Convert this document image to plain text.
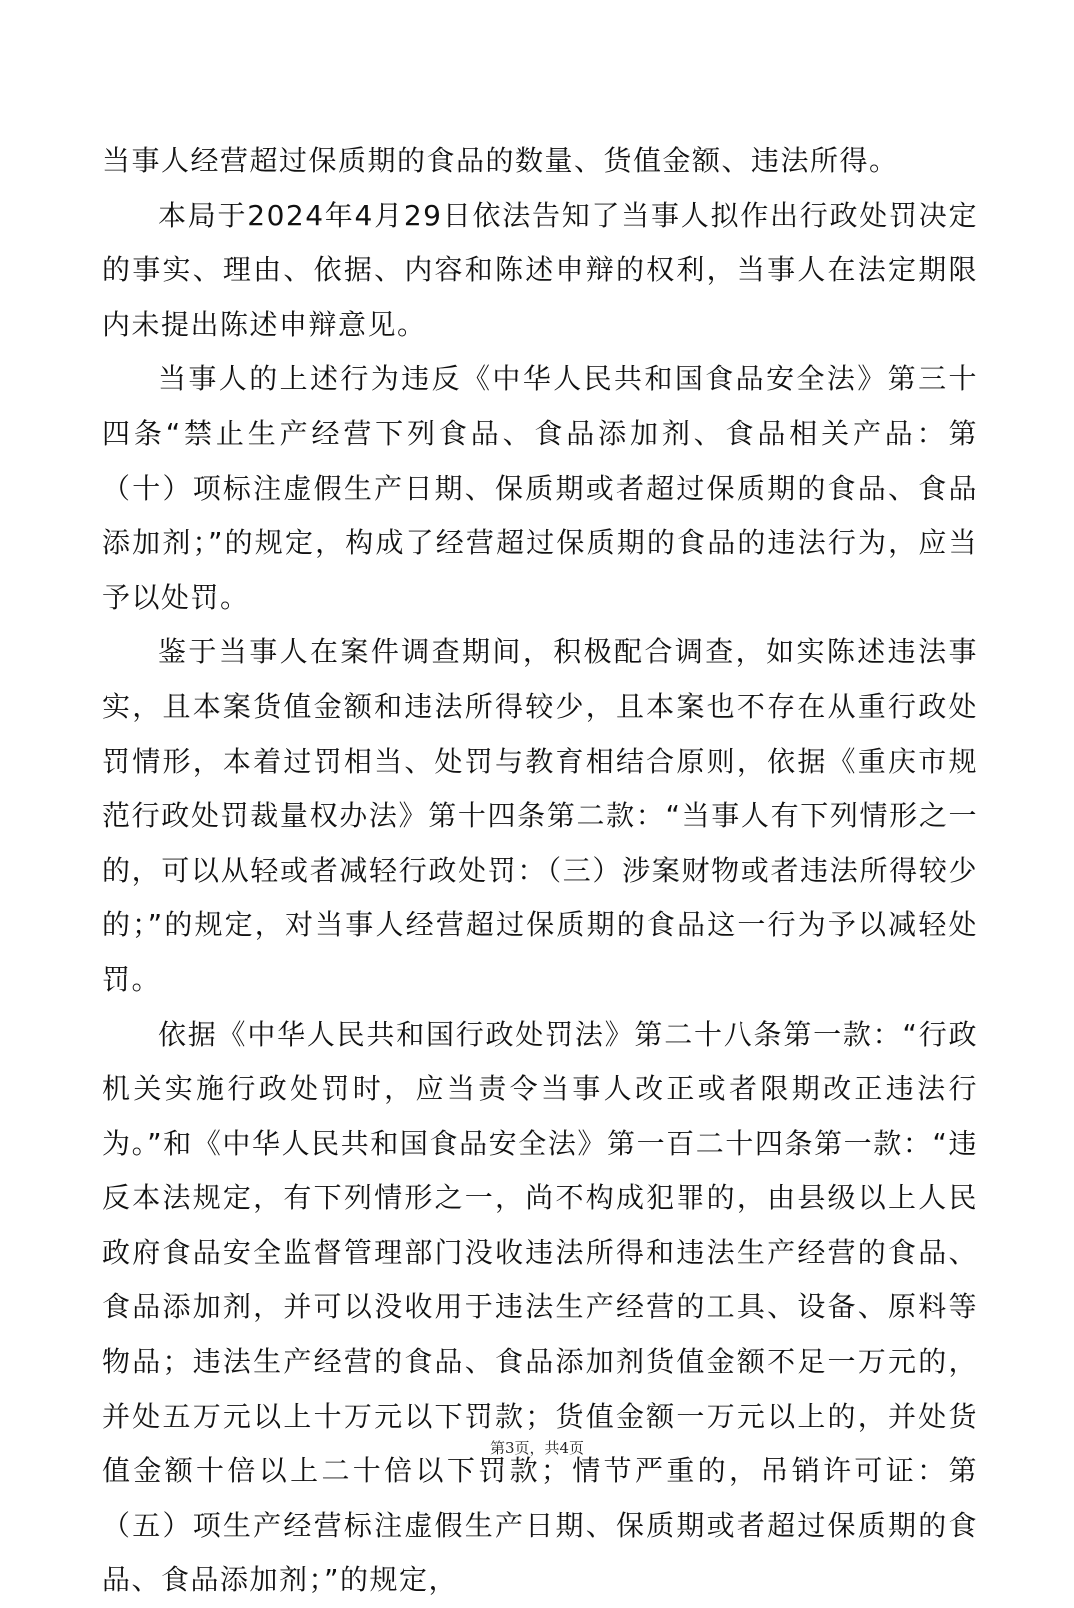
当事人经营超过保质期的食品的数量、货值金额、违法所得。

本局于2024年4月29日依法告知了当事人拟作出行政处罚决定的事实、理由、依据、内容和陈述申辩的权利，当事人在法定期限内未提出陈述申辩意见。

当事人的上述行为违反《中华人民共和国食品安全法》第三十四条“禁止生产经营下列食品、食品添加剂、食品相关产品：第（十）项标注虚假生产日期、保质期或者超过保质期的食品、食品添加剂；”的规定，构成了经营超过保质期的食品的违法行为，应当予以处罚。

鉴于当事人在案件调查期间，积极配合调查，如实陈述违法事实，且本案货值金额和违法所得较少，且本案也不存在从重行政处罚情形，本着过罚相当、处罚与教育相结合原则，依据《重庆市规范行政处罚裁量权办法》第十四条第二款：“当事人有下列情形之一的，可以从轻或者减轻行政处罚：（三）涉案财物或者违法所得较少的；”的规定，对当事人经营超过保质期的食品这一行为予以减轻处罚。

依据《中华人民共和国行政处罚法》第二十八条第一款：“行政机关实施行政处罚时，应当责令当事人改正或者限期改正违法行为。”和《中华人民共和国食品安全法》第一百二十四条第一款：“违反本法规定，有下列情形之一，尚不构成犯罪的，由县级以上人民政府食品安全监督管理部门没收违法所得和违法生产经营的食品、食品添加剂，并可以没收用于违法生产经营的工具、设备、原料等物品；违法生产经营的食品、食品添加剂货值金额不足一万元的，并处五万元以上十万元以下罚款；货值金额一万元以上的，并处货值金额十倍以上二十倍以下罚款；情节严重的，吊销许可证：第（五）项生产经营标注虚假生产日期、保质期或者超过保质期的食品、食品添加剂；”的规定，

第3页，共4页
